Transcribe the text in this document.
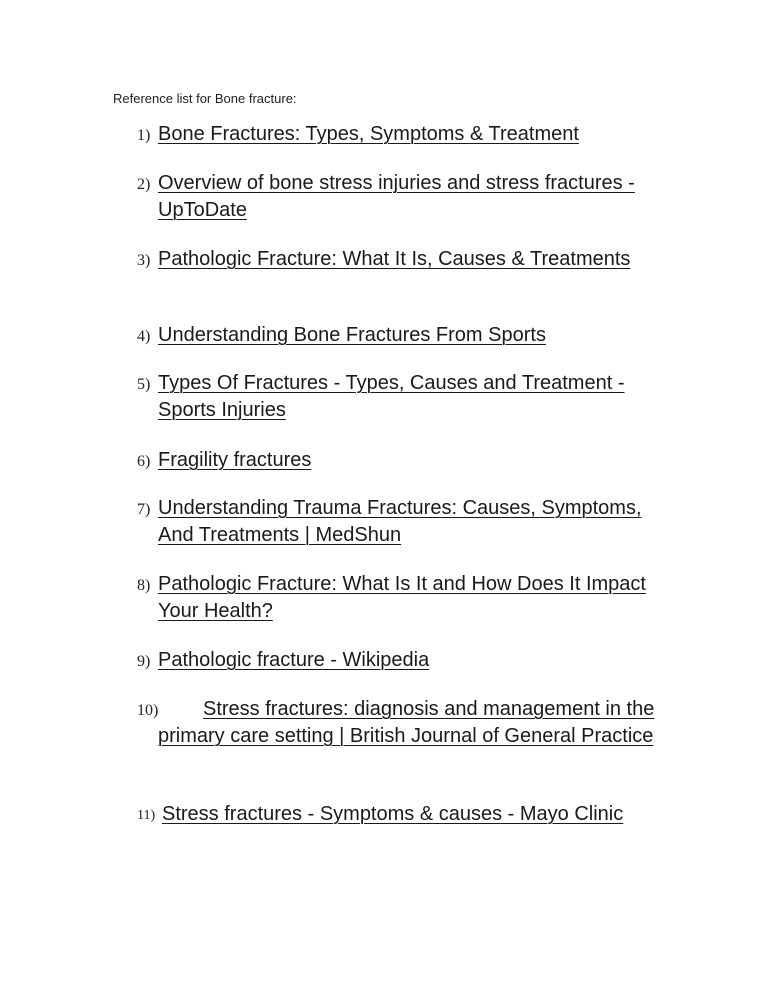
Reference list for Bone fracture:
1) Bone Fractures: Types, Symptoms & Treatment
2) Overview of bone stress injuries and stress fractures - UpToDate
3) Pathologic Fracture: What It Is, Causes & Treatments
4) Understanding Bone Fractures From Sports
5) Types Of Fractures - Types, Causes and Treatment - Sports Injuries
6) Fragility fractures
7) Understanding Trauma Fractures: Causes, Symptoms, And Treatments | MedShun
8) Pathologic Fracture: What Is It and How Does It Impact Your Health?
9) Pathologic fracture - Wikipedia
10)	Stress fractures: diagnosis and management in the primary care setting | British Journal of General Practice
11) Stress fractures - Symptoms & causes - Mayo Clinic
